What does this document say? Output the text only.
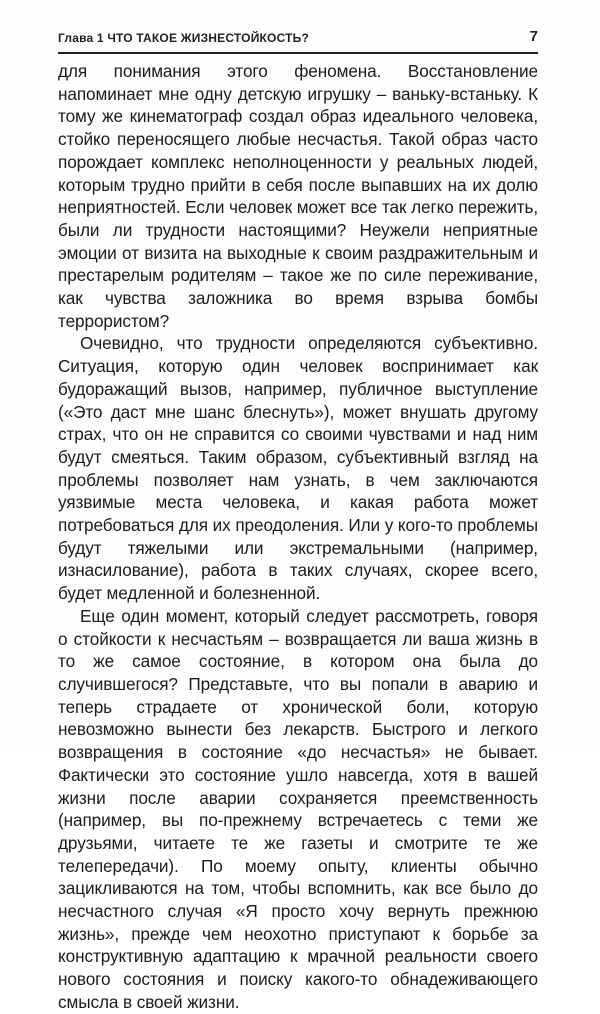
Глава 1 ЧТО ТАКОЕ ЖИЗНЕСТОЙКОСТЬ?	7

для понимания этого феномена. Восстановление напоминает мне одну детскую игрушку – ваньку-встаньку. К тому же кинематограф создал образ идеального человека, стойко переносящего любые несчастья. Такой образ часто порождает комплекс неполноценности у реальных людей, которым трудно прийти в себя после выпавших на их долю неприятностей. Если человек может все так легко пережить, были ли трудности настоящими? Неужели неприятные эмоции от визита на выходные к своим раздражительным и престарелым родителям – такое же по силе переживание, как чувства заложника во время взрыва бомбы террористом?

Очевидно, что трудности определяются субъективно. Ситуация, которую один человек воспринимает как будоражащий вызов, например, публичное выступление («Это даст мне шанс блеснуть»), может внушать другому страх, что он не справится со своими чувствами и над ним будут смеяться. Таким образом, субъективный взгляд на проблемы позволяет нам узнать, в чем заключаются уязвимые места человека, и какая работа может потребоваться для их преодоления. Или у кого-то проблемы будут тяжелыми или экстремальными (например, изнасилование), работа в таких случаях, скорее всего, будет медленной и болезненной.

Еще один момент, который следует рассмотреть, говоря о стойкости к несчастьям – возвращается ли ваша жизнь в то же самое состояние, в котором она была до случившегося? Представьте, что вы попали в аварию и теперь страдаете от хронической боли, которую невозможно вынести без лекарств. Быстрого и легкого возвращения в состояние «до несчастья» не бывает. Фактически это состояние ушло навсегда, хотя в вашей жизни после аварии сохраняется преемственность (например, вы по-прежнему встречаетесь с теми же друзьями, читаете те же газеты и смотрите те же телепередачи). По моему опыту, клиенты обычно зацикливаются на том, чтобы вспомнить, как все было до несчастного случая «Я просто хочу вернуть прежнюю жизнь», прежде чем неохотно приступают к борьбе за конструктивную адаптацию к мрачной реальности своего нового состояния и поиску какого-то обнадеживающего смысла в своей жизни.
